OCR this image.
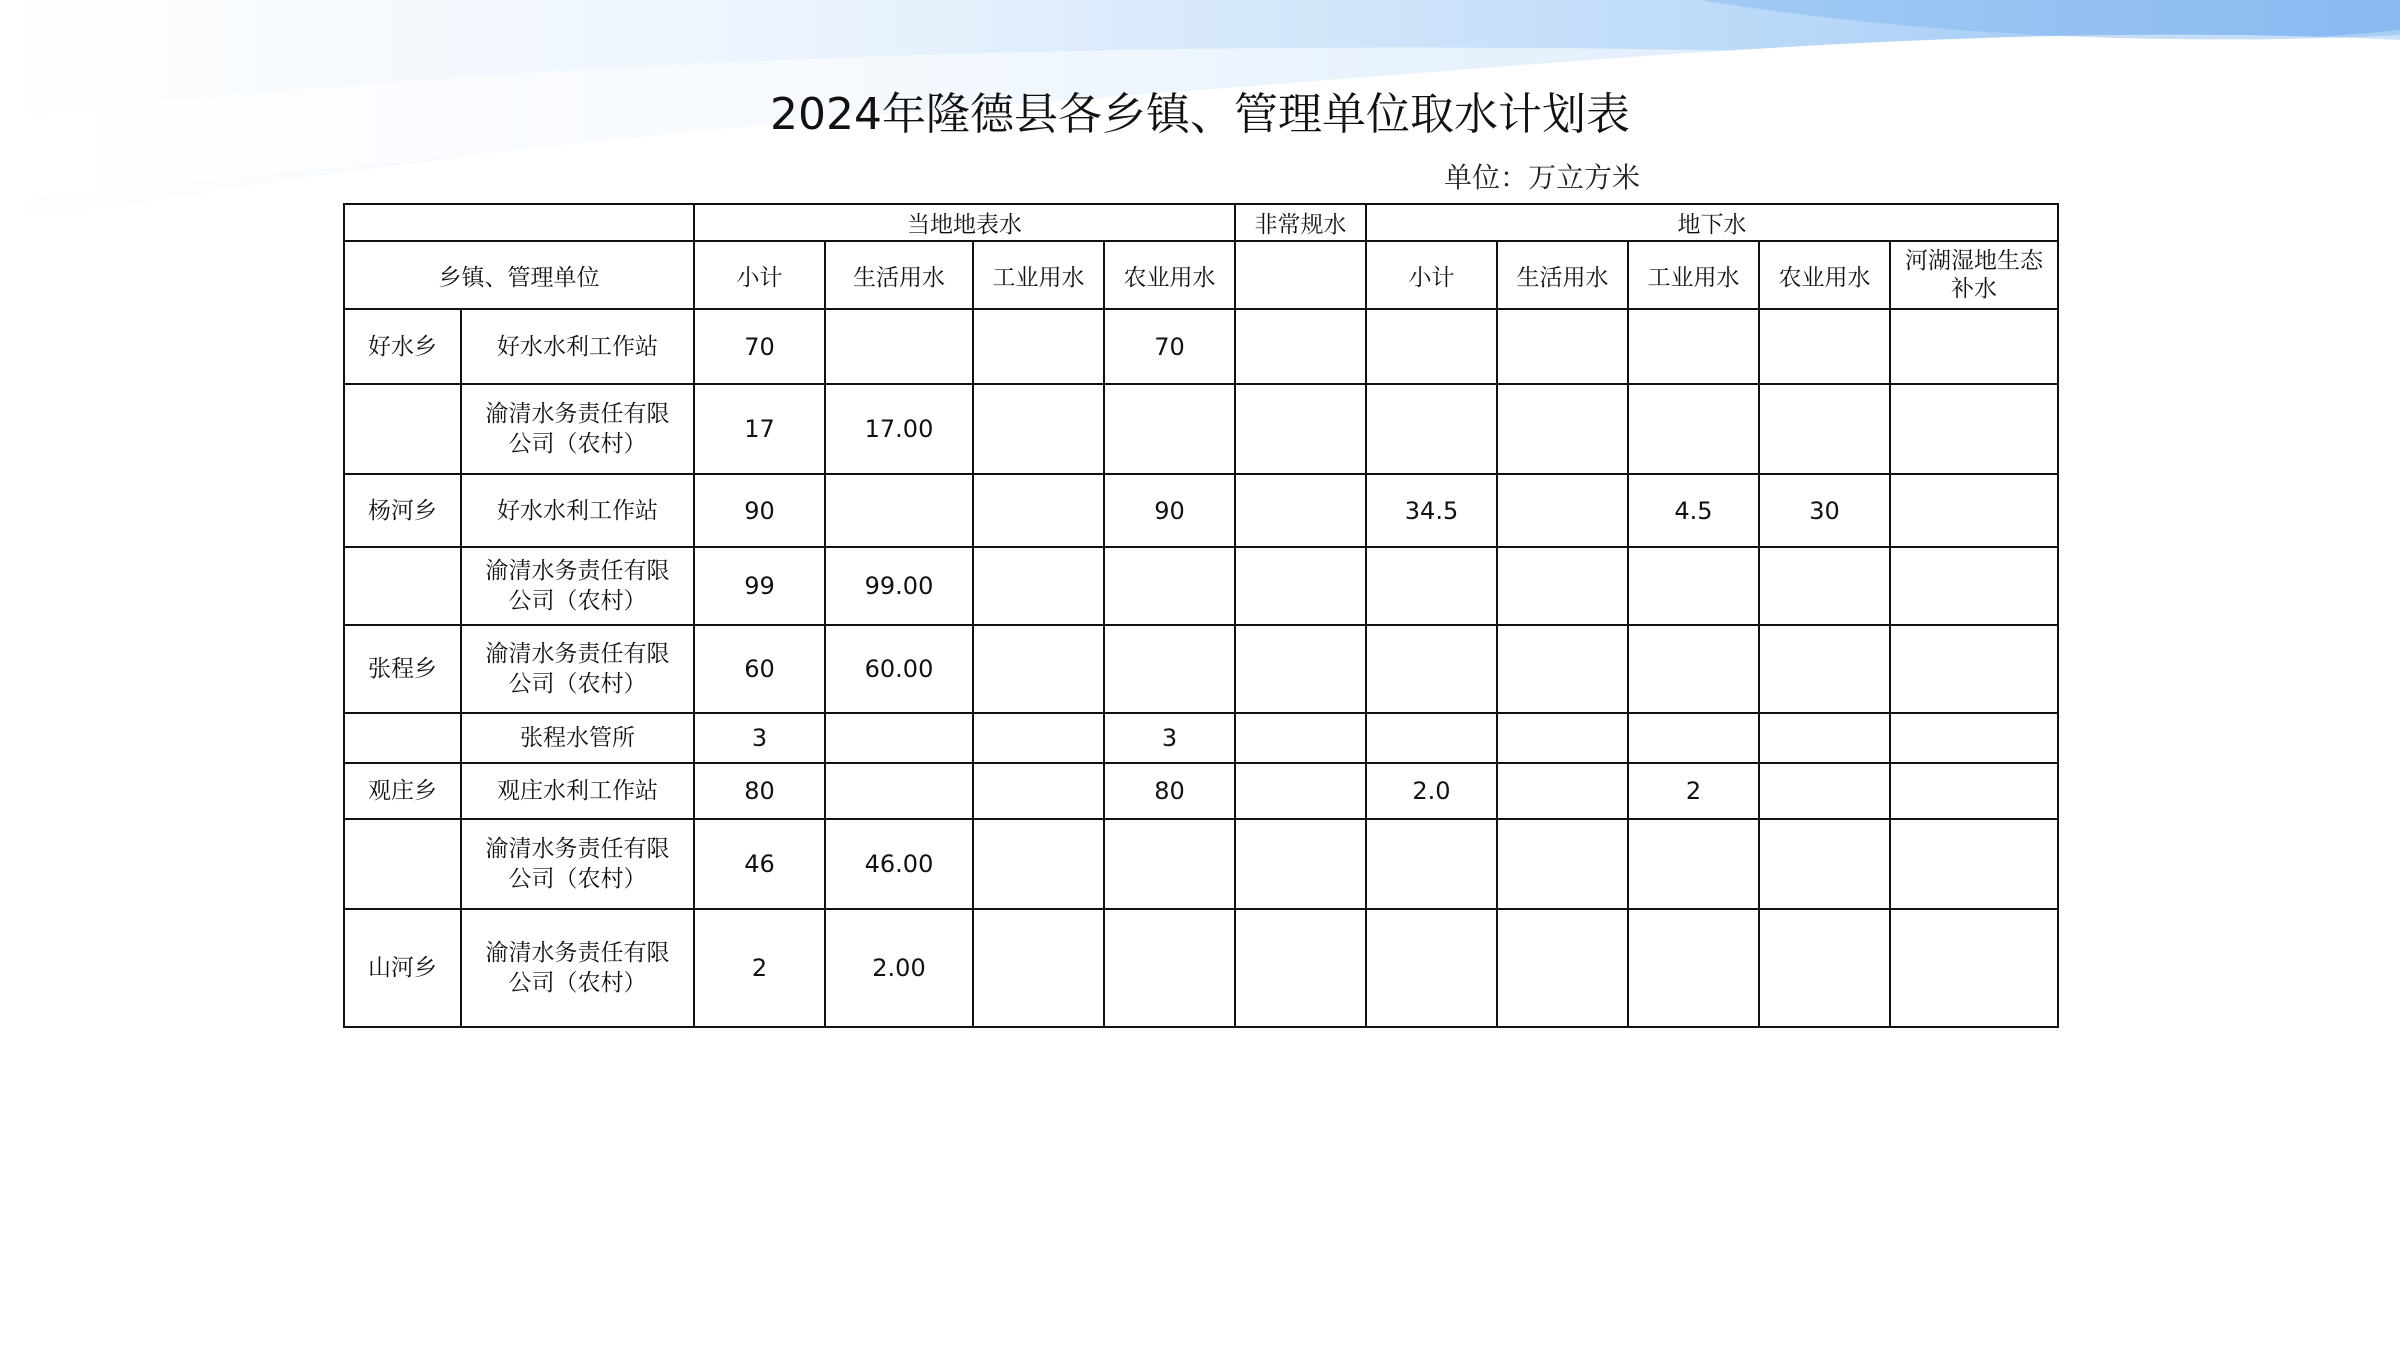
2024年隆德县各乡镇、管理单位取水计划表
单位：万立方米
		当地地表水				非常规水	地下水				
乡镇、管理单位		小计	生活用水	工业用水	农业用水		小计	生活用水	工业用水	农业用水	河湖湿地生态补水
好水乡	好水水利工作站	70			70						
	渝清水务责任有限公司（农村）	17	17.00								
杨河乡	好水水利工作站	90			90		34.5		4.5	30	
	渝清水务责任有限公司（农村）	99	99.00								
张程乡	渝清水务责任有限公司（农村）	60	60.00								
	张程水管所	3			3						
观庄乡	观庄水利工作站	80			80		2.0		2		
	渝清水务责任有限公司（农村）	46	46.00								
山河乡	渝清水务责任有限公司（农村）	2	2.00								
